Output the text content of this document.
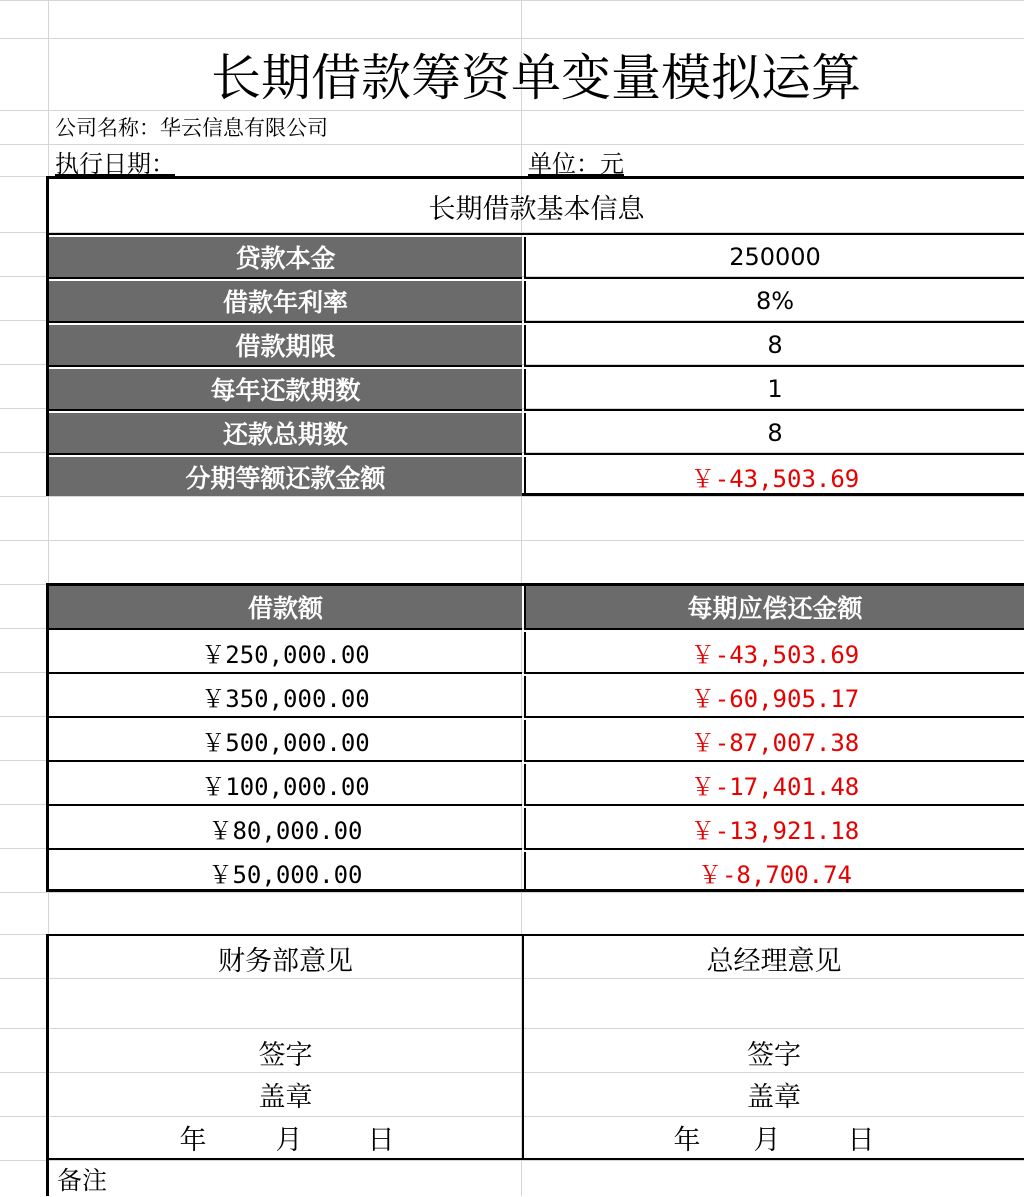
长期借款筹资单变量模拟运算
公司名称：华云信息有限公司
执行日期：	单位：元
长期借款基本信息
贷款本金	250000
借款年利率	8%
借款期限	8
每年还款期数	1
还款总期数	8
分期等额还款金额	￥-43,503.69
借款额	每期应偿还金额
￥250,000.00	￥-43,503.69
￥350,000.00	￥-60,905.17
￥500,000.00	￥-87,007.38
￥100,000.00	￥-17,401.48
￥80,000.00	￥-13,921.18
￥50,000.00	￥-8,700.74
财务部意见
签字
盖章
年	月	日
总经理意见
签字
盖章
年	月	日
备注
